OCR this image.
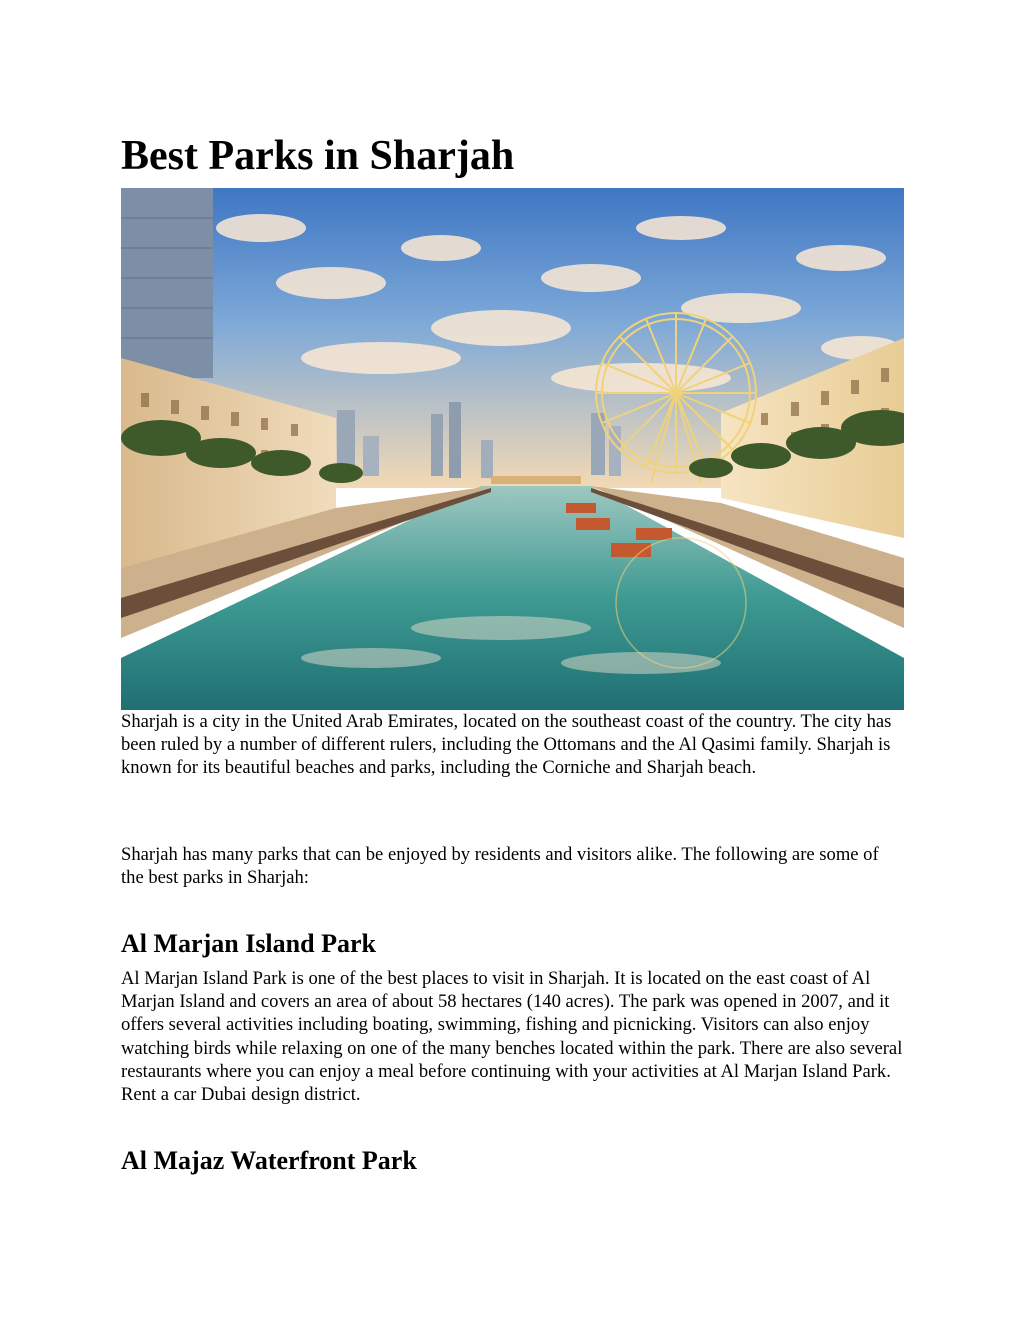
Best Parks in Sharjah

Sharjah is a city in the United Arab Emirates, located on the southeast coast of the country. The city has been ruled by a number of different rulers, including the Ottomans and the Al Qasimi family. Sharjah is known for its beautiful beaches and parks, including the Corniche and Sharjah beach.

Sharjah has many parks that can be enjoyed by residents and visitors alike. The following are some of the best parks in Sharjah:

Al Marjan Island Park

Al Marjan Island Park is one of the best places to visit in Sharjah. It is located on the east coast of Al Marjan Island and covers an area of about 58 hectares (140 acres). The park was opened in 2007, and it offers several activities including boating, swimming, fishing and picnicking. Visitors can also enjoy watching birds while relaxing on one of the many benches located within the park. There are also several restaurants where you can enjoy a meal before continuing with your activities at Al Marjan Island Park. Rent a car Dubai design district.

Al Majaz Waterfront Park
